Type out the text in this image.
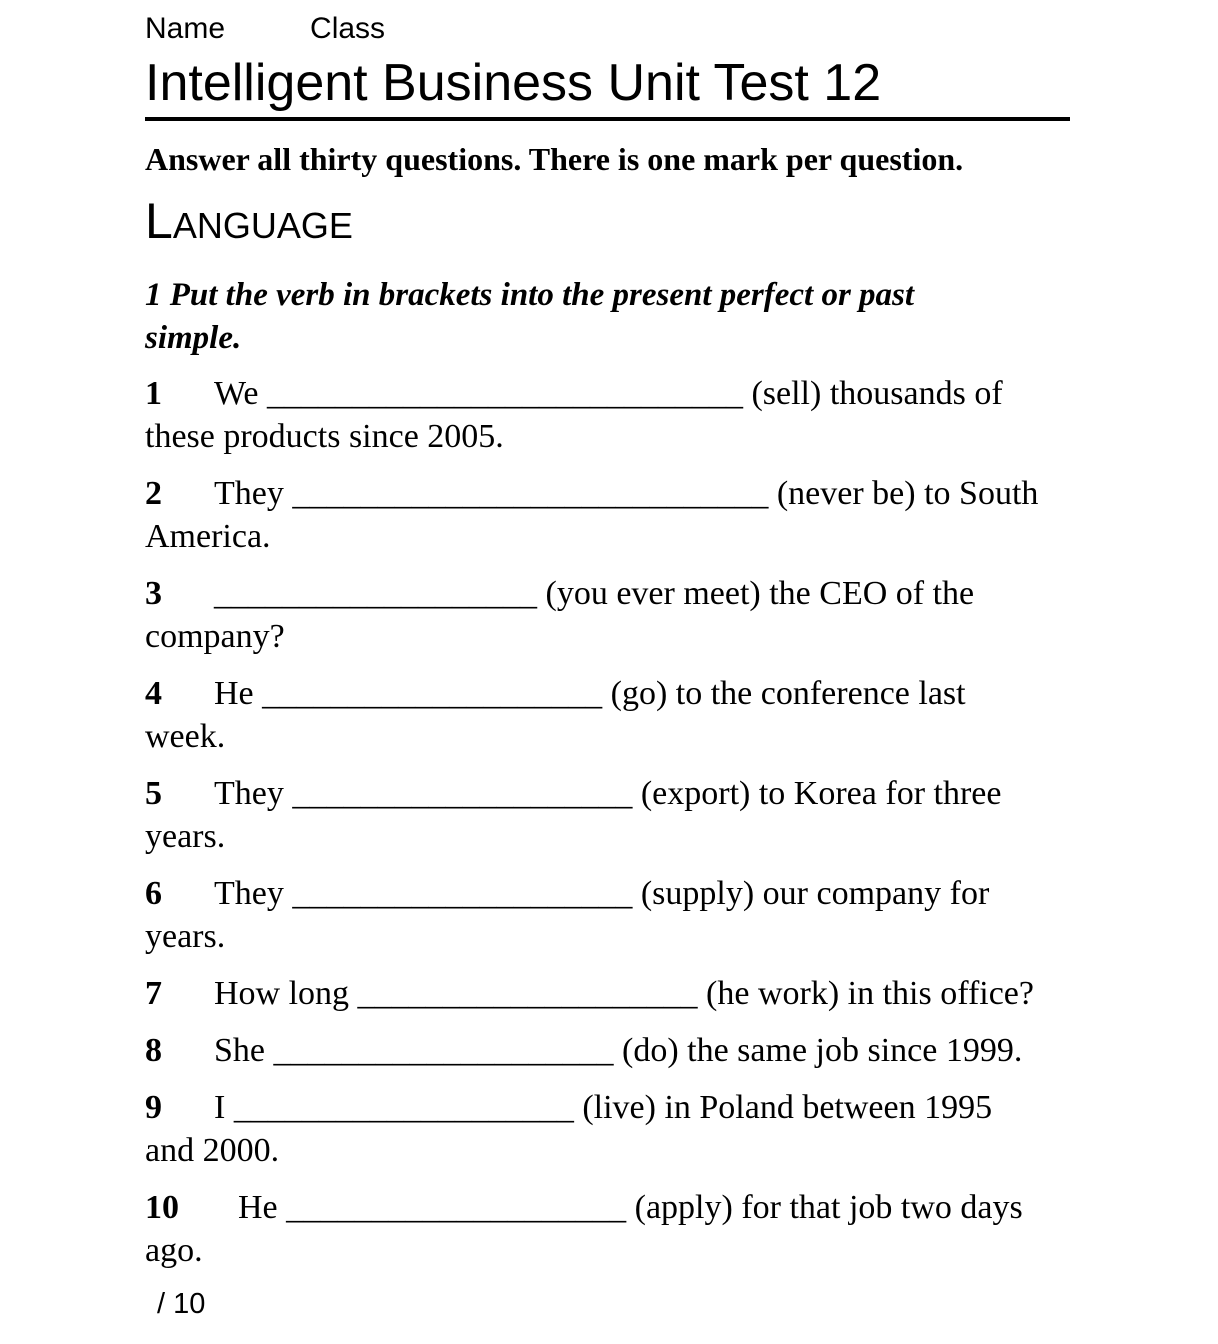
Name	Class
Intelligent Business Unit Test 12
Answer all thirty questions. There is one mark per question.
LANGUAGE
1 Put the verb in brackets into the present perfect or past
simple.

1 We ____________________________ (sell) thousands of
these products since 2005.

2 They ____________________________ (never be) to South
America.

3 ___________________ (you ever meet) the CEO of the
company?

4 He ____________________ (go) to the conference last
week.

5 They ____________________ (export) to Korea for three
years.

6 They ____________________ (supply) our company for
years.

7 How long ____________________ (he work) in this office?

8 She ____________________ (do) the same job since 1999.

9 I ____________________ (live) in Poland between 1995
and 2000.

10 He ____________________ (apply) for that job two days
ago.

/ 10
